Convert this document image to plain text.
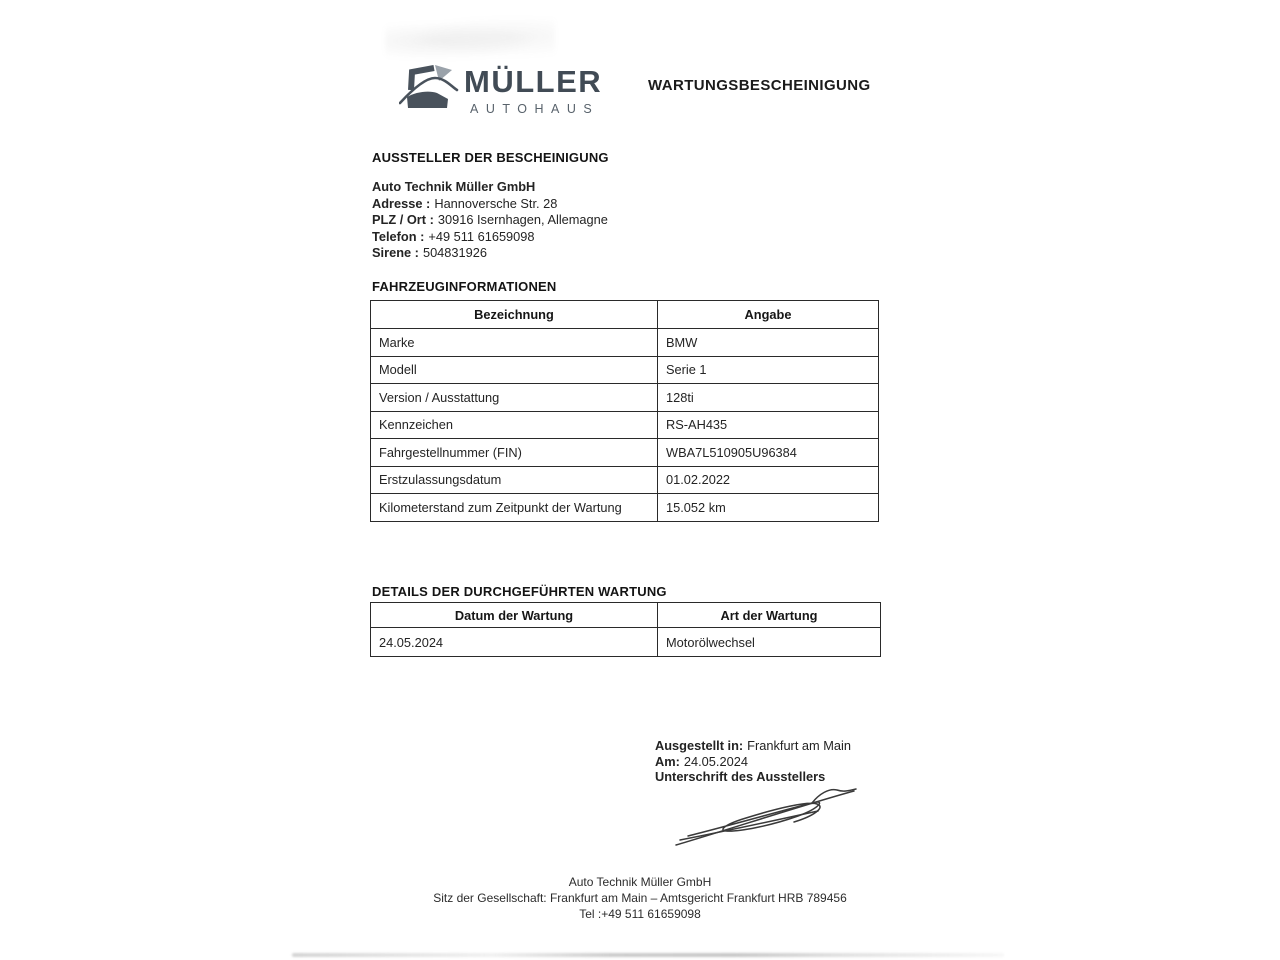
MÜLLER
AUTOHAUS
WARTUNGSBESCHEINIGUNG
AUSSTELLER DER BESCHEINIGUNG
Auto Technik Müller GmbH
Adresse : Hannoversche Str. 28
PLZ / Ort : 30916 Isernhagen, Allemagne
Telefon : +49 511 61659098
Sirene : 504831926
FAHRZEUGINFORMATIONEN
Bezeichnung	Angabe
Marke	BMW
Modell	Serie 1
Version / Ausstattung	128ti
Kennzeichen	RS-AH435
Fahrgestellnummer (FIN)	WBA7L510905U96384
Erstzulassungsdatum	01.02.2022
Kilometerstand zum Zeitpunkt der Wartung	15.052 km
DETAILS DER DURCHGEFÜHRTEN WARTUNG
Datum der Wartung	Art der Wartung
24.05.2024	Motorölwechsel
Ausgestellt in: Frankfurt am Main
Am: 24.05.2024
Unterschrift des Ausstellers
Auto Technik Müller GmbH
Sitz der Gesellschaft: Frankfurt am Main – Amtsgericht Frankfurt HRB 789456
Tel :+49 511 61659098
